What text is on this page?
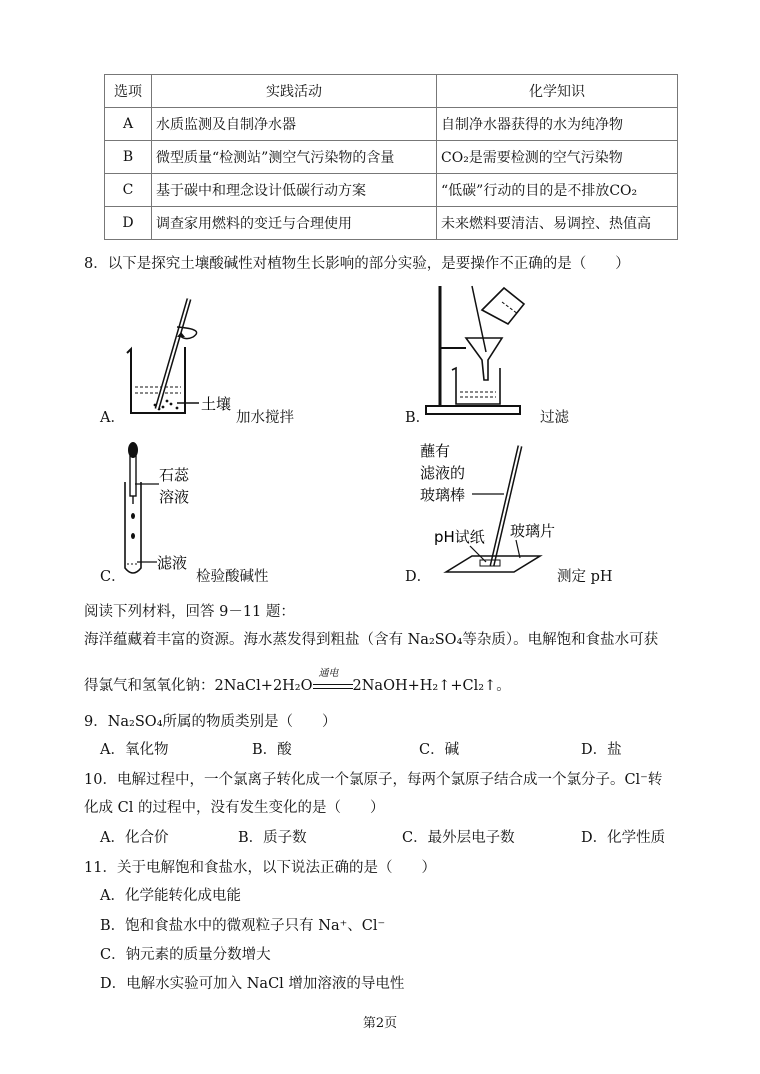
选项	实践活动	化学知识
A	水质监测及自制净水器	自制净水器获得的水为纯净物
B	微型质量“检测站”测空气污染物的含量	CO₂是需要检测的空气污染物
C	基于碳中和理念设计低碳行动方案	“低碳”行动的目的是不排放CO₂
D	调查家用燃料的变迁与合理使用	未来燃料要清洁、易调控、热值高
8．以下是探究土壤酸碱性对植物生长影响的部分实验，是要操作不正确的是（　　）
土壤
A．	加水搅拌	B．	过滤
石蕊
溶液
滤液
C．	检验酸碱性
蘸有
滤液的
玻璃棒
玻璃片
pH试纸
D．	测定 pH
阅读下列材料，回答 9－11 题：
海洋蕴藏着丰富的资源。海水蒸发得到粗盐（含有 Na₂SO₄等杂质）。电解饱和食盐水可获
得氯气和氢氧化钠：2NaCl+2H₂O
通电
2NaOH+H₂↑+Cl₂↑。
9．Na₂SO₄所属的物质类别是（　　）
A．氧化物	B．酸	C．碱	D．盐
10．电解过程中，一个氯离子转化成一个氯原子，每两个氯原子结合成一个氯分子。Cl⁻转
化成 Cl 的过程中，没有发生变化的是（　　）
A．化合价	B．质子数	C．最外层电子数	D．化学性质
11．关于电解饱和食盐水，以下说法正确的是（　　）
A．化学能转化成电能
B．饱和食盐水中的微观粒子只有 Na⁺、Cl⁻
C．钠元素的质量分数增大
D．电解水实验可加入 NaCl 增加溶液的导电性
第2页
